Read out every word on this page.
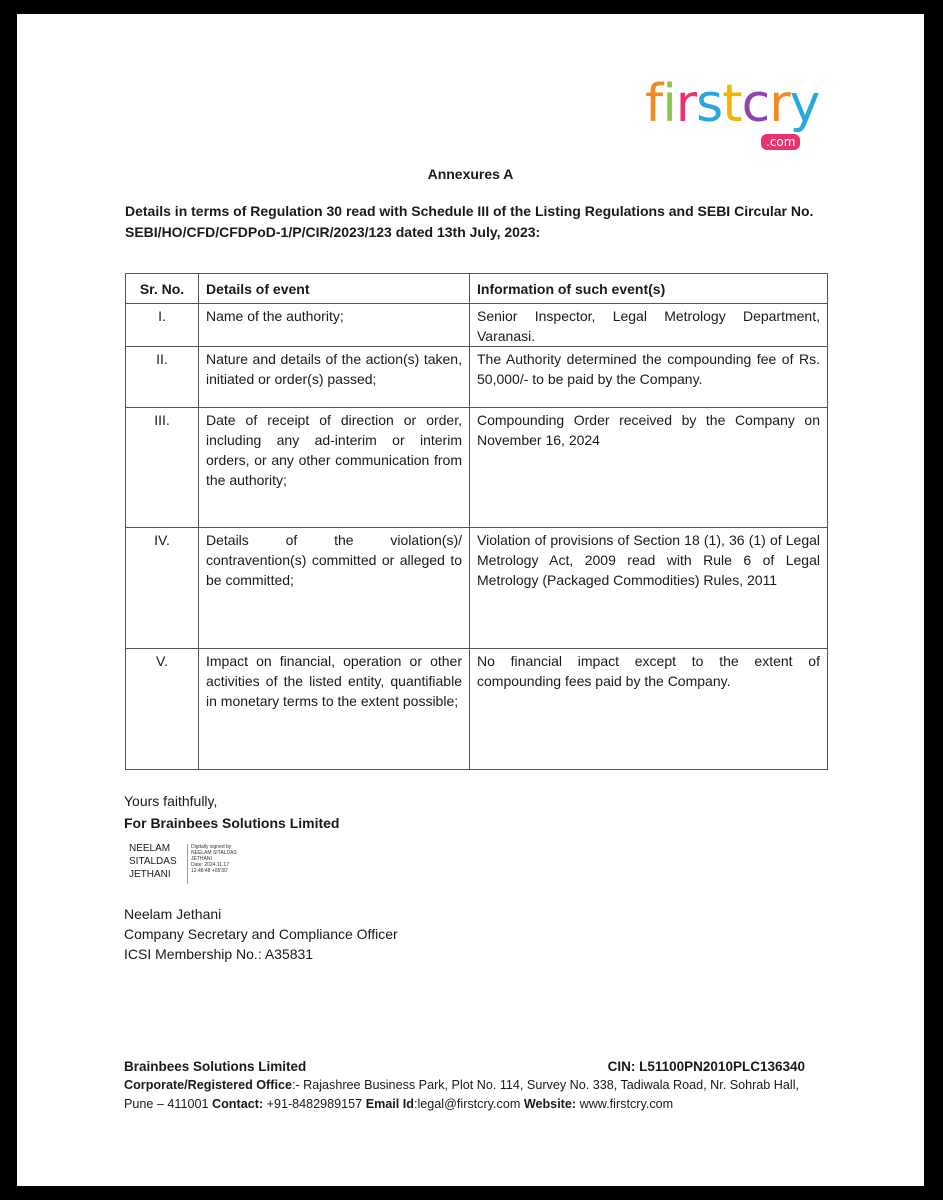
firstcry
.com
Annexures A
Details in terms of Regulation 30 read with Schedule III of the Listing Regulations and SEBI Circular No. SEBI/HO/CFD/CFDPoD-1/P/CIR/2023/123 dated 13th July, 2023:
Sr. No.	Details of event	Information of such event(s)
I.	Name of the authority;	Senior Inspector, Legal Metrology Department, Varanasi.
II.	Nature and details of the action(s) taken, initiated or order(s) passed;	The Authority determined the compounding fee of Rs. 50,000/- to be paid by the Company.
III.	Date of receipt of direction or order, including any ad-interim or interim orders, or any other communication from the authority;	Compounding Order received by the Company on November 16, 2024
IV.	Details of the violation(s)/ contravention(s) committed or alleged to be committed;	Violation of provisions of Section 18 (1), 36 (1) of Legal Metrology Act, 2009 read with Rule 6 of Legal Metrology (Packaged Commodities) Rules, 2011
V.	Impact on financial, operation or other activities of the listed entity, quantifiable in monetary terms to the extent possible;	No financial impact except to the extent of compounding fees paid by the Company.
Yours faithfully,
For Brainbees Solutions Limited
NEELAM
SITALDAS
JETHANI
Digitally signed by
NEELAM SITALDAS
JETHANI
Date: 2024.11.17
12:48:48 +05'30'
Neelam Jethani
Company Secretary and Compliance Officer
ICSI Membership No.: A35831
Brainbees Solutions Limited	CIN: L51100PN2010PLC136340
Corporate/Registered Office:- Rajashree Business Park, Plot No. 114, Survey No. 338, Tadiwala Road, Nr. Sohrab Hall, Pune – 411001 Contact: +91-8482989157 Email Id:legal@firstcry.com Website: www.firstcry.com
